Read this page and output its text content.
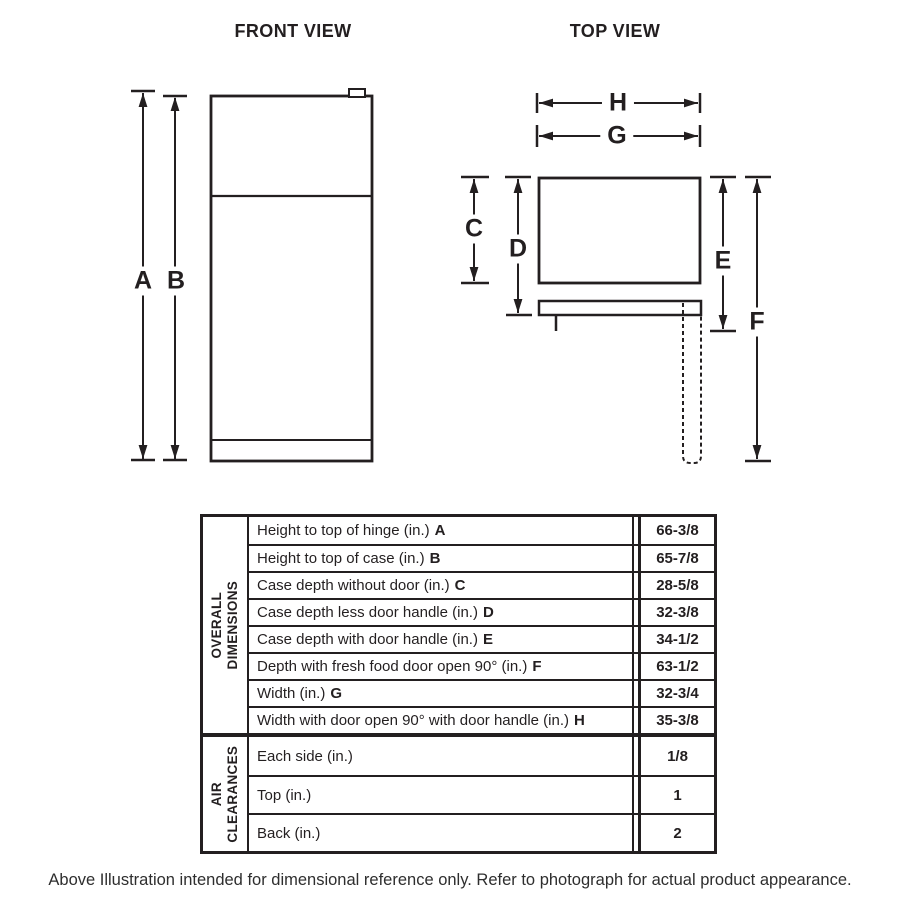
FRONT VIEW	TOP VIEW
A B
C
D	E
F
H
G
OVERALL DIMENSIONS
Height to top of hinge (in.) A	66-3/8
Height to top of case (in.) B	65-7/8
Case depth without door (in.) C	28-5/8
Case depth less door handle (in.) D	32-3/8
Case depth with door handle (in.) E	34-1/2
Depth with fresh food door open 90° (in.) F	63-1/2
Width (in.) G	32-3/4
Width with door open 90° with door handle (in.) H	35-3/8
AIR CLEARANCES Each side (in.)	1/8
Top (in.)	1
Back (in.)	2
Above Illustration intended for dimensional reference only. Refer to photograph for actual product appearance.
